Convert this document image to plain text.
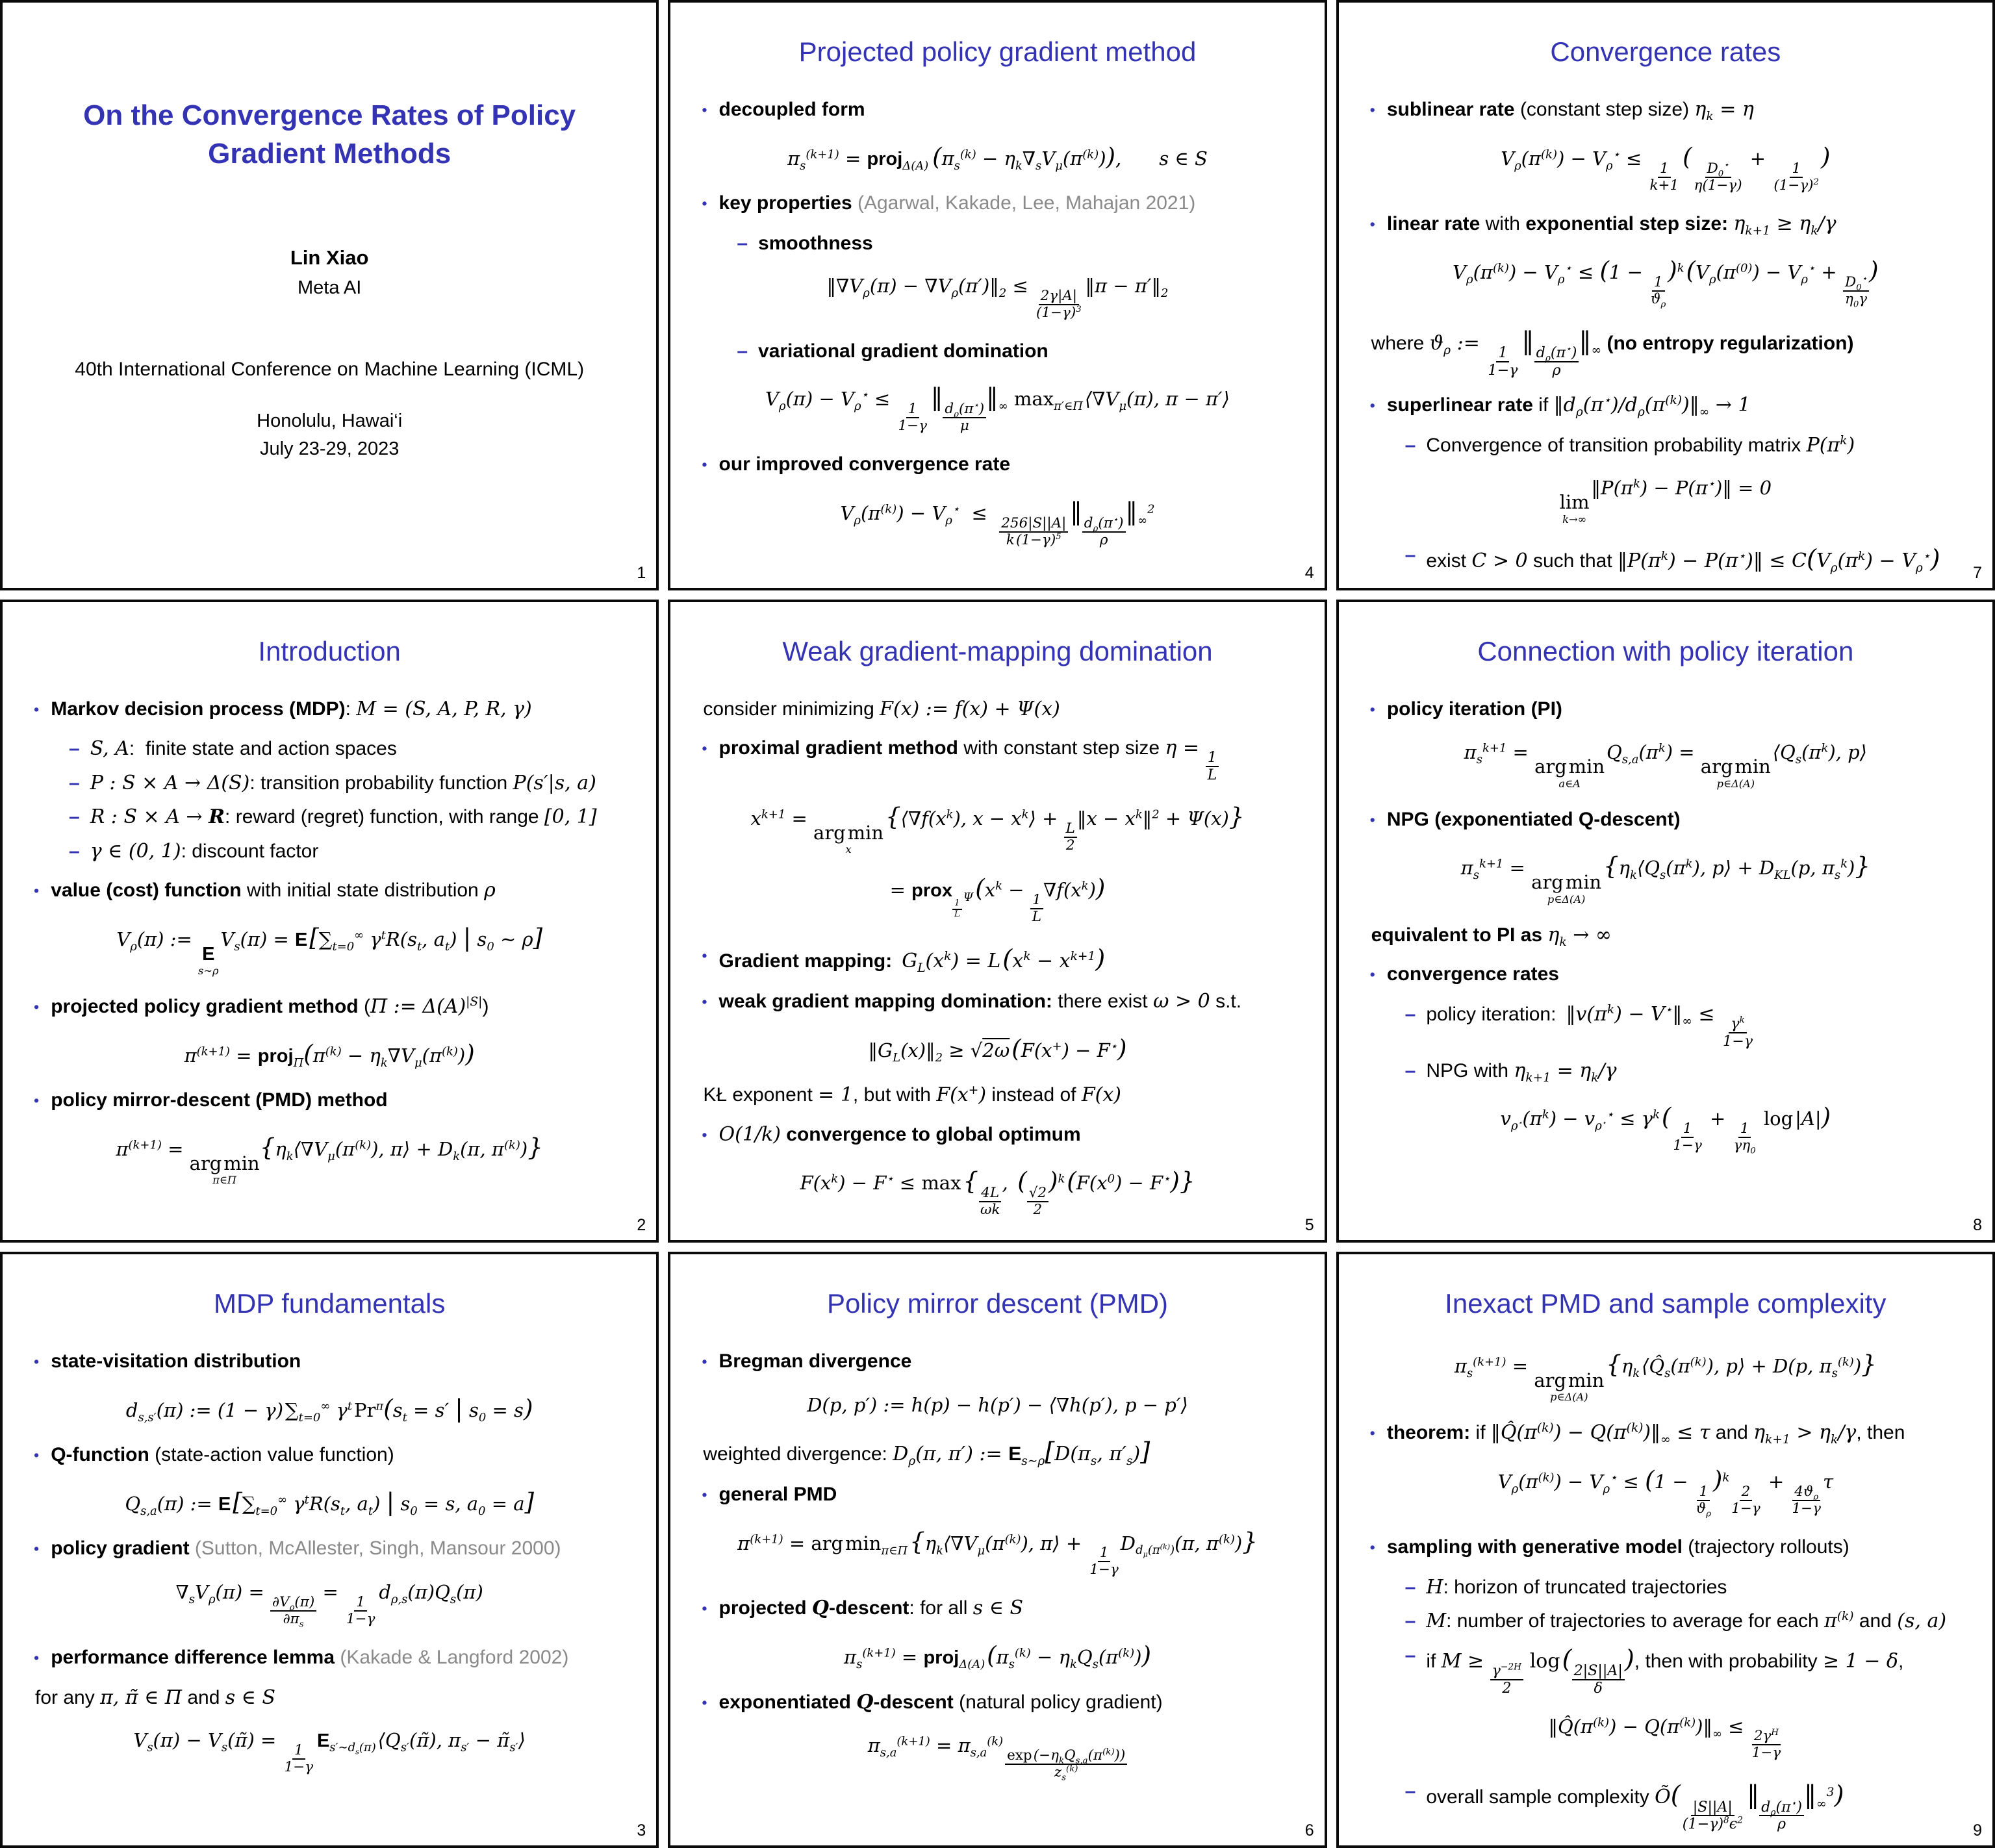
On the Convergence Rates of Policy
Gradient Methods
Lin Xiao
Meta AI
40th International Conference on Machine Learning (ICML)
Honolulu, Hawai‘i
July 23-29, 2023
1
Projected policy gradient method
• decoupled form
$\pi_s^{(k+1)}$ = proj$_{\Delta(A)}$  $(\pi_s^{(k)} - \eta_k\nabla_sV_\mu(\pi^{(k)}))$,  s ∈ S
• key properties (Agarwal, Kakade, Lee, Mahajan 2021)
– smoothness
$‖\nabla V_\rho(\pi)$ − $\nabla V_\rho(\pi')‖_2$ ≤
$\frac{2\gamma|A|}{(1-\gamma)^3}$
 ‖π − $\pi'‖_2$
– variational gradient domination
$V_\rho(\pi) - V_\rho^⋆$ ≤
$\frac{1}{1-\gamma}$
 ‖
$\frac{d_\rho(\pi^⋆)}{\mu}$
$‖_\infty$ $\max_{\pi'\in\Pi}$ $⟨\nabla V_\mu(\pi)$, π − π′⟩
• our improved convergence rate
$V_\rho(\pi^{(k)}) - V_\rho^⋆$  ≤
$\frac{256|S||A|}{k (1-\gamma)^5}$
 ‖
$\frac{d_\rho(\pi^⋆)}{\rho}$
$‖_\infty^2$
4
Convergence rates
• sublinear rate (constant step size) $\eta_k = \eta$
$V_\rho(\pi^{(k)}) - V_\rho^⋆$ ≤
$\frac{1}{k+1}$
 (
$\frac{D_0^⋆}{\eta(1-\gamma)}$
+
$\frac{1}{(1-\gamma)^2}$
)
• linear rate with exponential step size: $\eta_{k+1} \ge \eta_k/\gamma$
$V_\rho(\pi^{(k)}) - V_\rho^⋆ \le (1$ −
$\frac{1}{ϑ_\rho}$
)$^k$ ($V_\rho(\pi^{(0)}) - V_\rho^⋆$ +
$\frac{D_0^⋆}{\eta_0\gamma}$
)
where $ϑ_\rho$ :=
$\frac{1}{1-\gamma}$
 ‖
$\frac{d_\rho(\pi^⋆)}{\rho}$
$‖_\infty$ (no entropy regularization)
• superlinear rate if $‖d_\rho(\pi^⋆)/d_\rho(\pi^{(k)})‖_\infty \to 1$
– Convergence of transition probability matrix $P(\pi^k)$
lim
k→∞
 $‖P(\pi^k)$ − P(π⋆)‖ = 0
– exist C > 0 such that $‖P(\pi^k)$ − P(π⋆)‖ ≤ $C(V_\rho(\pi^k) - V_\rho^⋆)$ 7
Introduction
• Markov decision process (MDP): M = (S, A, P, R, γ)
– S, A:  finite state and action spaces
– P : S × A → Δ(S): transition probability function P(s′|s, a)
– R : S × A → R: reward (regret) function, with range [0, 1]
– γ ∈ (0, 1): discount factor
• value (cost) function with initial state distribution ρ
$V_\rho(\pi)$ :=
E
s∼ρ
 $V_s(\pi) = E$ [$\sum_{t=0}^\infty$ $\gamma^tR(s_t$, $a_t$) | $s_0$ ∼ ρ]
• projected policy gradient method (Π := $\Delta(A)^{|S|}$)
$\pi^{(k+1)}$ = $proj_\Pi(\pi^{(k)} - \eta_k\nabla V_\mu(\pi^{(k)}))$
• policy mirror-descent (PMD) method
$\pi^{(k+1)}$ =
arg min
π∈Π
{$\eta_k⟨\nabla V_\mu(\pi^{(k)})$, π⟩ + $D_k(\pi$, $\pi^{(k)}$)}
2
Weak gradient-mapping domination
consider minimizing F(x) := f(x) + Ψ(x)
• proximal gradient method with constant step size η =
$\frac{1}{L}$
$x^{k+1}$ =
arg min
x
 {$⟨\nabla f(x^k)$, $x - x^k⟩$ +
$\frac{L}{2}$
‖x − $x^k‖^2 + \Psi(x)$}
= prox
$_{\frac{1}{L} \Psi}$ ($x^k$ −
$\frac{1}{L}$
$\nabla f(x^k)$)
• Gradient mapping:  $G_L(x^k) = L$ $(x^k - x^{k+1})$
• weak gradient mapping domination: there exist ω > 0 s.t.
$‖G_L(x)‖_2 \ge √2\omega$ (F(x+) − F⋆)
KŁ exponent = 1, but with F(x+) instead of F(x)
• O(1/k) convergence to global optimum
$F(x^k) - F^⋆ \le \max$ {
$\frac{4L}{\omega k}$
, (
$\frac{√2}{2}$
)$^k$ $(F(x^0) - F^⋆)$}
5
Connection with policy iteration
• policy iteration (PI)
$\pi_s^{k+1}$ =
arg min
a∈A
 $Q_{s,a}(\pi^k)$ =
arg min
p∈Δ(A)
 $⟨Q_s(\pi^k)$, p⟩
• NPG (exponentiated Q-descent)
$\pi_s^{k+1}$ =
arg min
p∈Δ(A)
 {$\eta_k⟨Q_s(\pi^k)$, p⟩ + $D_{KL}(p$, $\pi_s^k$)}
equivalent to PI as $\eta_k$ → ∞
• convergence rates
– policy iteration: $‖v(\pi^k)$ − $V^⋆‖_\infty$ ≤
$\frac{\gamma^k}{1-\gamma}$
– NPG with $\eta_{k+1} = \eta_k/\gamma$
$v_{\rho^⋆}(\pi^k) - v_{\rho^⋆}^⋆ \le \gamma^k$ (
$\frac{1}{1-\gamma}$
+
$\frac{1}{\gamma\eta_0}$
log |A|)
8
MDP fundamentals
• state-visitation distribution
$d_{s,s'}(\pi)$ := (1 − γ) $\sum_{t=0}^\infty$ $\gamma^t$ $Pr^\pi(s_t = s'$ | $s_0 = s$)
• Q-function (state-action value function)
$Q_{s,a}(\pi)$ := E [$\sum_{t=0}^\infty$ $\gamma^tR(s_t$, $a_t$) | $s_0 = s$, $a_0 = a$]
• policy gradient (Sutton, McAllester, Singh, Mansour 2000)
$\nabla_sV_\rho(\pi)$ =
$\frac{\partial V_\rho(\pi)}{\partial\pi_s}$
=
$\frac{1}{1-\gamma}$
 $d_{\rho,s}(\pi)Q_s(\pi)$
• performance difference lemma (Kakade & Langford 2002)
for any π, π̃ ∈ Π and s ∈ S
$V_s(\pi)$ − $V_s(\pĩ)$ =
$\frac{1}{1-\gamma}$
 $E_{s'\sim d_s(\pi)}$ $⟨Q_{s'}(\pĩ)$, $\pi_{s'}$ − $\pĩ_{s'}⟩$
3
Policy mirror descent (PMD)
• Bregman divergence
D(p, p′) := h(p) − h(p′) − ⟨∇h(p′), p − p′⟩
weighted divergence: $D_\rho(\pi$, π′) := $E_{s\sim\rho}[D(\pi_s$, $\pi'_s$)]
• general PMD
$\pi^{(k+1)}$ = arg $\min_{\pi\in\Pi}$ {$\eta_k⟨\nabla V_\mu(\pi^{(k)})$, π⟩ +
$\frac{1}{1-\gamma}$
$D_{d_\mu(\pi^{(k)})}(\pi$, $\pi^{(k)}$)}
• projected Q-descent: for all s ∈ S
$\pi_s^{(k+1)}$ = proj$_{\Delta(A)}$ $(\pi_s^{(k)} - \eta_kQ_s(\pi^{(k)}))$
• exponentiated Q-descent (natural policy gradient)
$\pi_{s,a}^{(k+1)} = \pi_{s,a}^{(k)}$ 
exp $(-\eta_kQ_{s,a}(\pi^{(k)}))$
$z_s^{(k)}$
6
Inexact PMD and sample complexity
$\pi_s^{(k+1)}$ =
arg min
p∈Δ(A)
 {$\eta_k$ $⟨Q̂_s(\pi^{(k)})$, p⟩ + D(p, $\pi_s^{(k)}$)}
• theorem: if $‖Q̂(\pi^{(k)})$ − $Q(\pi^{(k)})‖_\infty \le \tau$ and $\eta_{k+1} > \eta_k/\gamma$, then
$V_\rho(\pi^{(k)}) - V_\rho^⋆ \le (1$ −
$\frac{1}{ϑ_\rho}$
)$^k$
$\frac{2}{1-\gamma}$
+
$\frac{4ϑ_\rho}{1-\gamma}$
τ
• sampling with generative model (trajectory rollouts)
– H: horizon of truncated trajectories
– M: number of trajectories to average for each $\pi^{(k)}$ and (s, a)
– if M ≥
$\frac{\gamma^{-2H}}{2}$
log (
$\frac{2|S||A|}{\delta}$
), then with probability ≥ 1 − δ,
$‖Q̂(\pi^{(k)})$ − $Q(\pi^{(k)})‖_\infty$ ≤
$\frac{2\gamma^H}{1-\gamma}$
– overall sample complexity Õ(
$\frac{|S||A|}{(1-\gamma)^8\epsilon^2}$
 ‖
$\frac{d_\rho(\pi^⋆)}{\rho}$
$‖_\infty^3$)
9
